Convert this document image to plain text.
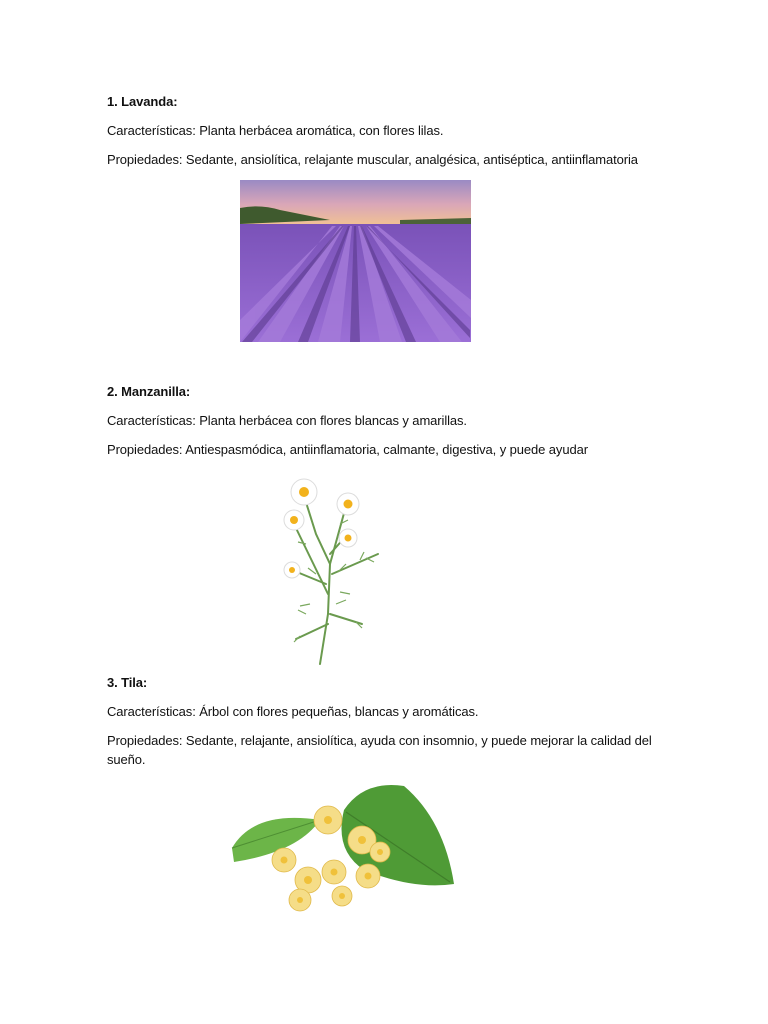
1. Lavanda:
Características: Planta herbácea aromática, con flores lilas.
Propiedades: Sedante, ansiolítica, relajante muscular, analgésica, antiséptica, antiinflamatoria
2. Manzanilla:
Características: Planta herbácea con flores blancas y amarillas.
Propiedades: Antiespasmódica, antiinflamatoria, calmante, digestiva, y puede ayudar
3. Tila:
Características: Árbol con flores pequeñas, blancas y aromáticas.
Propiedades: Sedante, relajante, ansiolítica, ayuda con insomnio, y puede mejorar la calidad del sueño.
